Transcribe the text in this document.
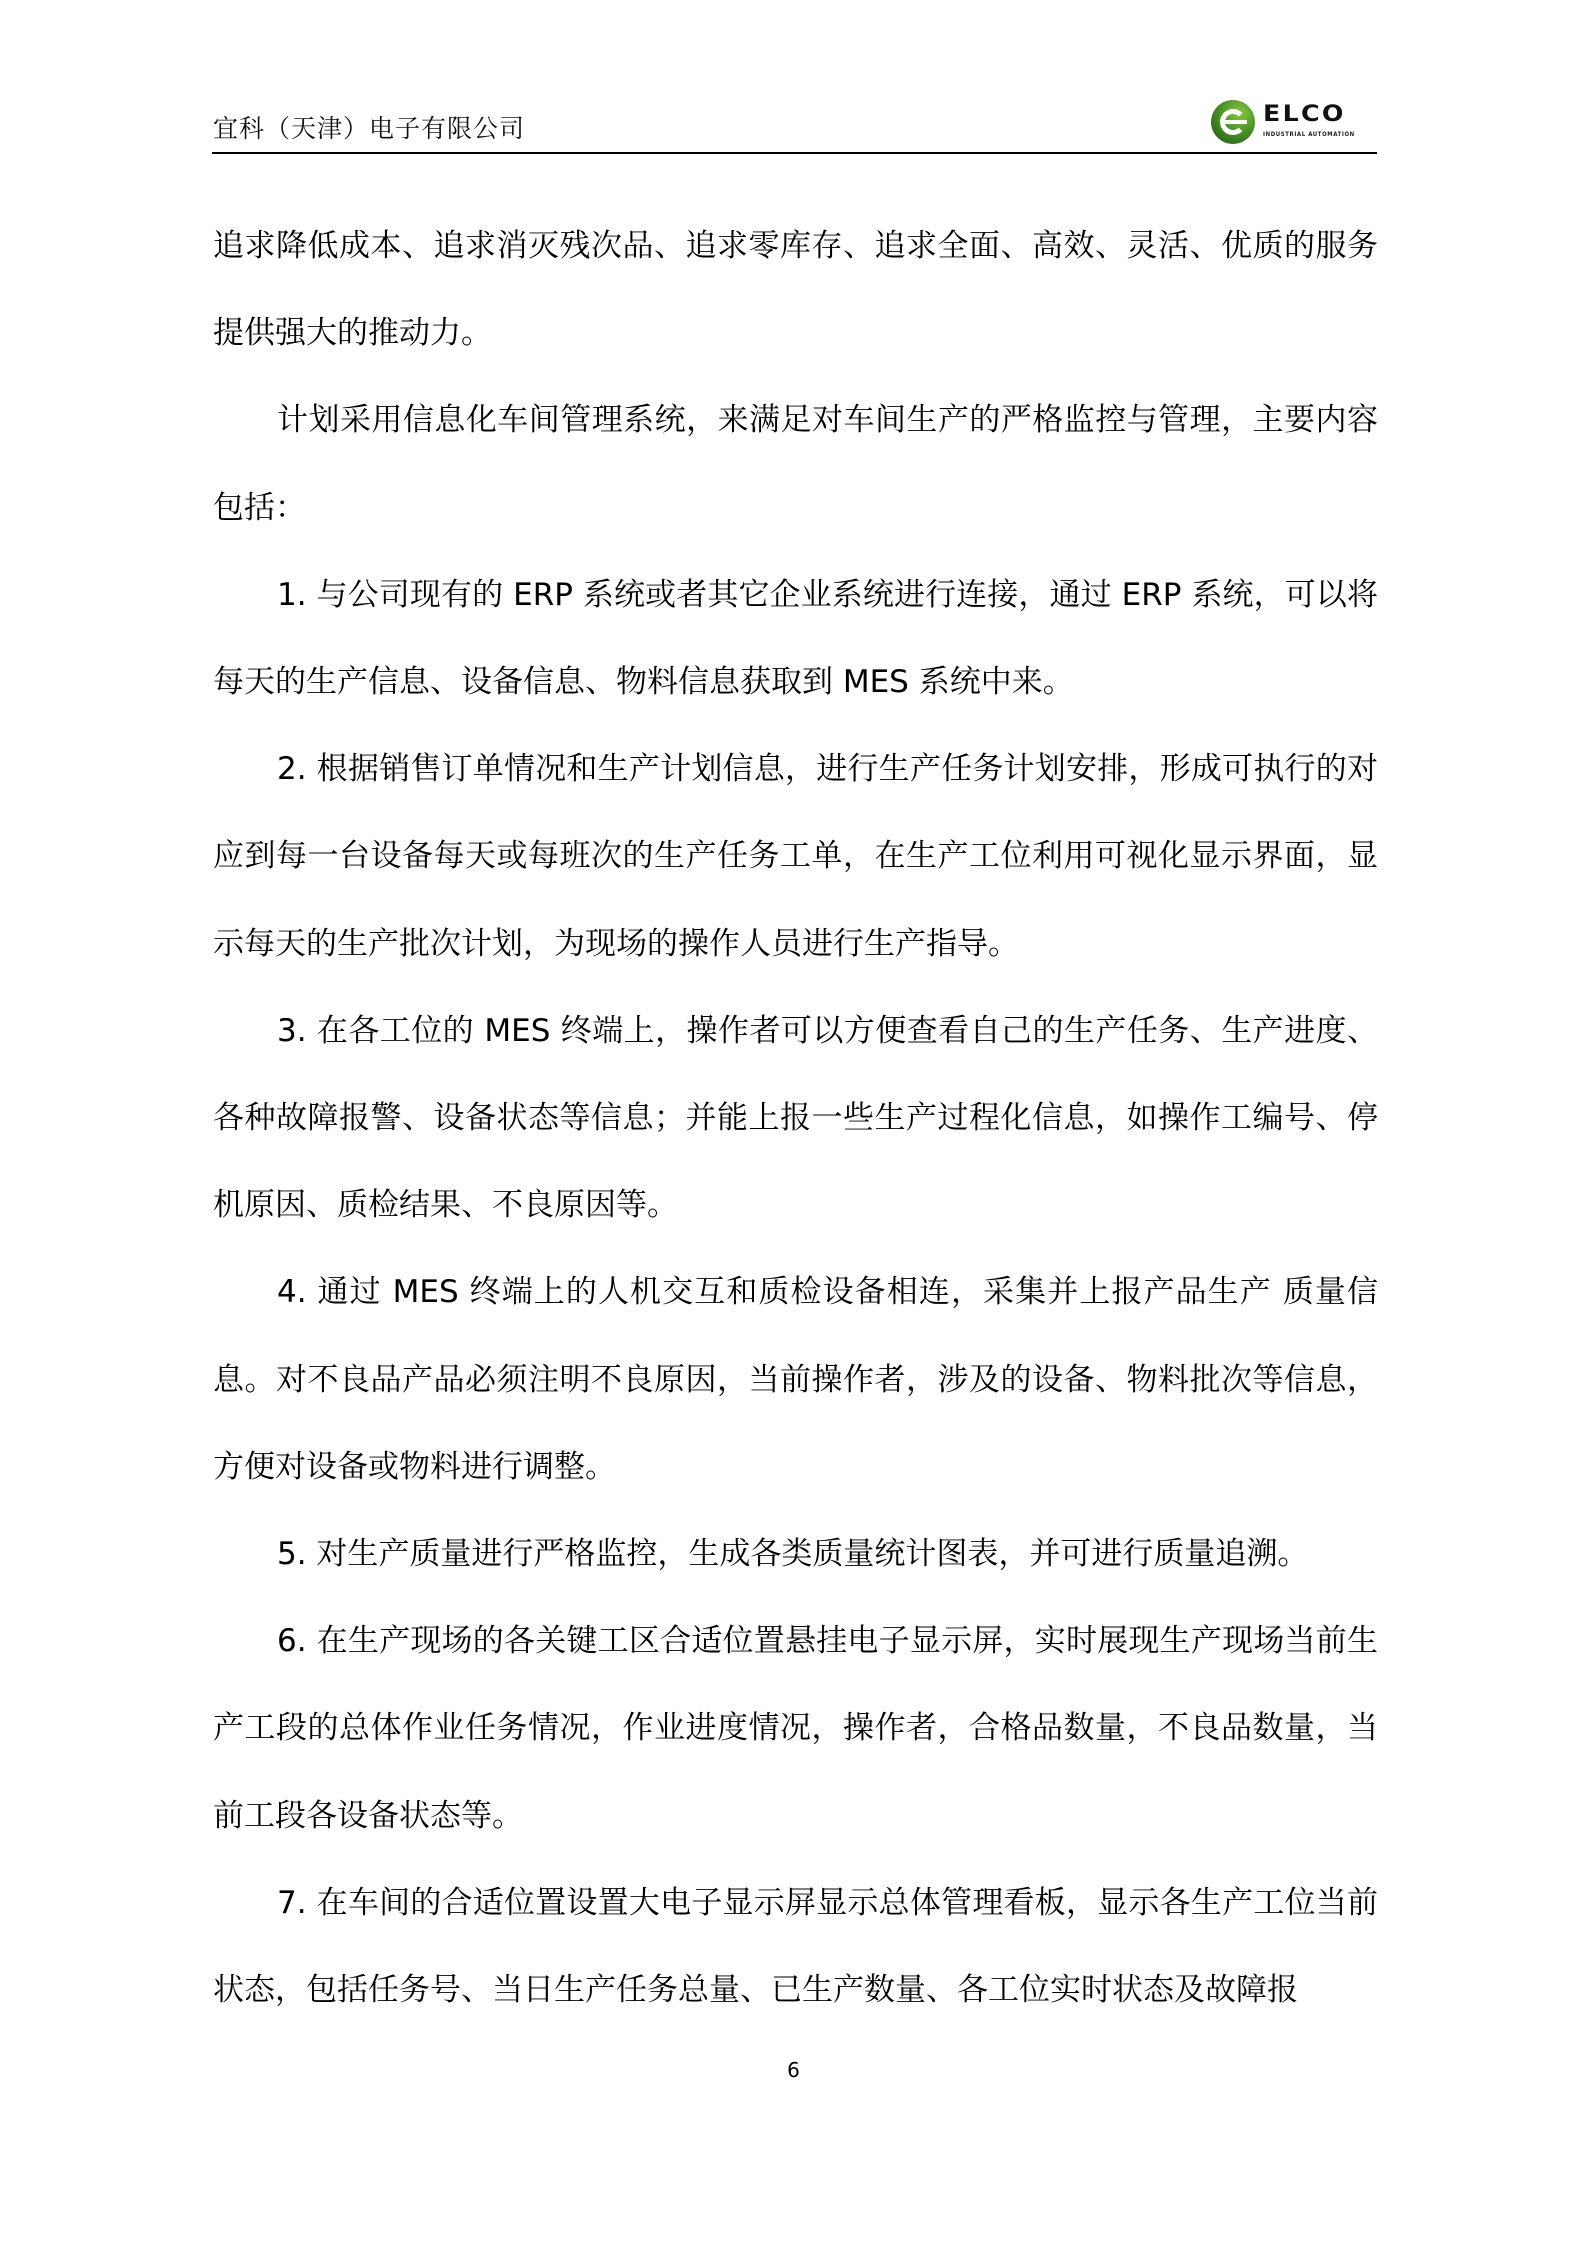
宜科（天津）电子有限公司	ELCO
INDUSTRIAL AUTOMATION

追求降低成本、追求消灭残次品、追求零库存、追求全面、高效、灵活、优质的服务提供强大的推动力。

计划采用信息化车间管理系统，来满足对车间生产的严格监控与管理，主要内容包括：

1. 与公司现有的 ERP 系统或者其它企业系统进行连接，通过 ERP 系统，可以将每天的生产信息、设备信息、物料信息获取到 MES 系统中来。

2. 根据销售订单情况和生产计划信息，进行生产任务计划安排，形成可执行的对应到每一台设备每天或每班次的生产任务工单，在生产工位利用可视化显示界面，显示每天的生产批次计划，为现场的操作人员进行生产指导。

3. 在各工位的 MES 终端上，操作者可以方便查看自己的生产任务、生产进度、各种故障报警、设备状态等信息；并能上报一些生产过程化信息，如操作工编号、停机原因、质检结果、不良原因等。

4. 通过 MES 终端上的人机交互和质检设备相连，采集并上报产品生产 质量信息。对不良品产品必须注明不良原因，当前操作者，涉及的设备、物料批次等信息，方便对设备或物料进行调整。

5. 对生产质量进行严格监控，生成各类质量统计图表，并可进行质量追溯。

6. 在生产现场的各关键工区合适位置悬挂电子显示屏，实时展现生产现场当前生产工段的总体作业任务情况，作业进度情况，操作者，合格品数量，不良品数量，当前工段各设备状态等。

7. 在车间的合适位置设置大电子显示屏显示总体管理看板，显示各生产工位当前状态，包括任务号、当日生产任务总量、已生产数量、各工位实时状态及故障报

6
